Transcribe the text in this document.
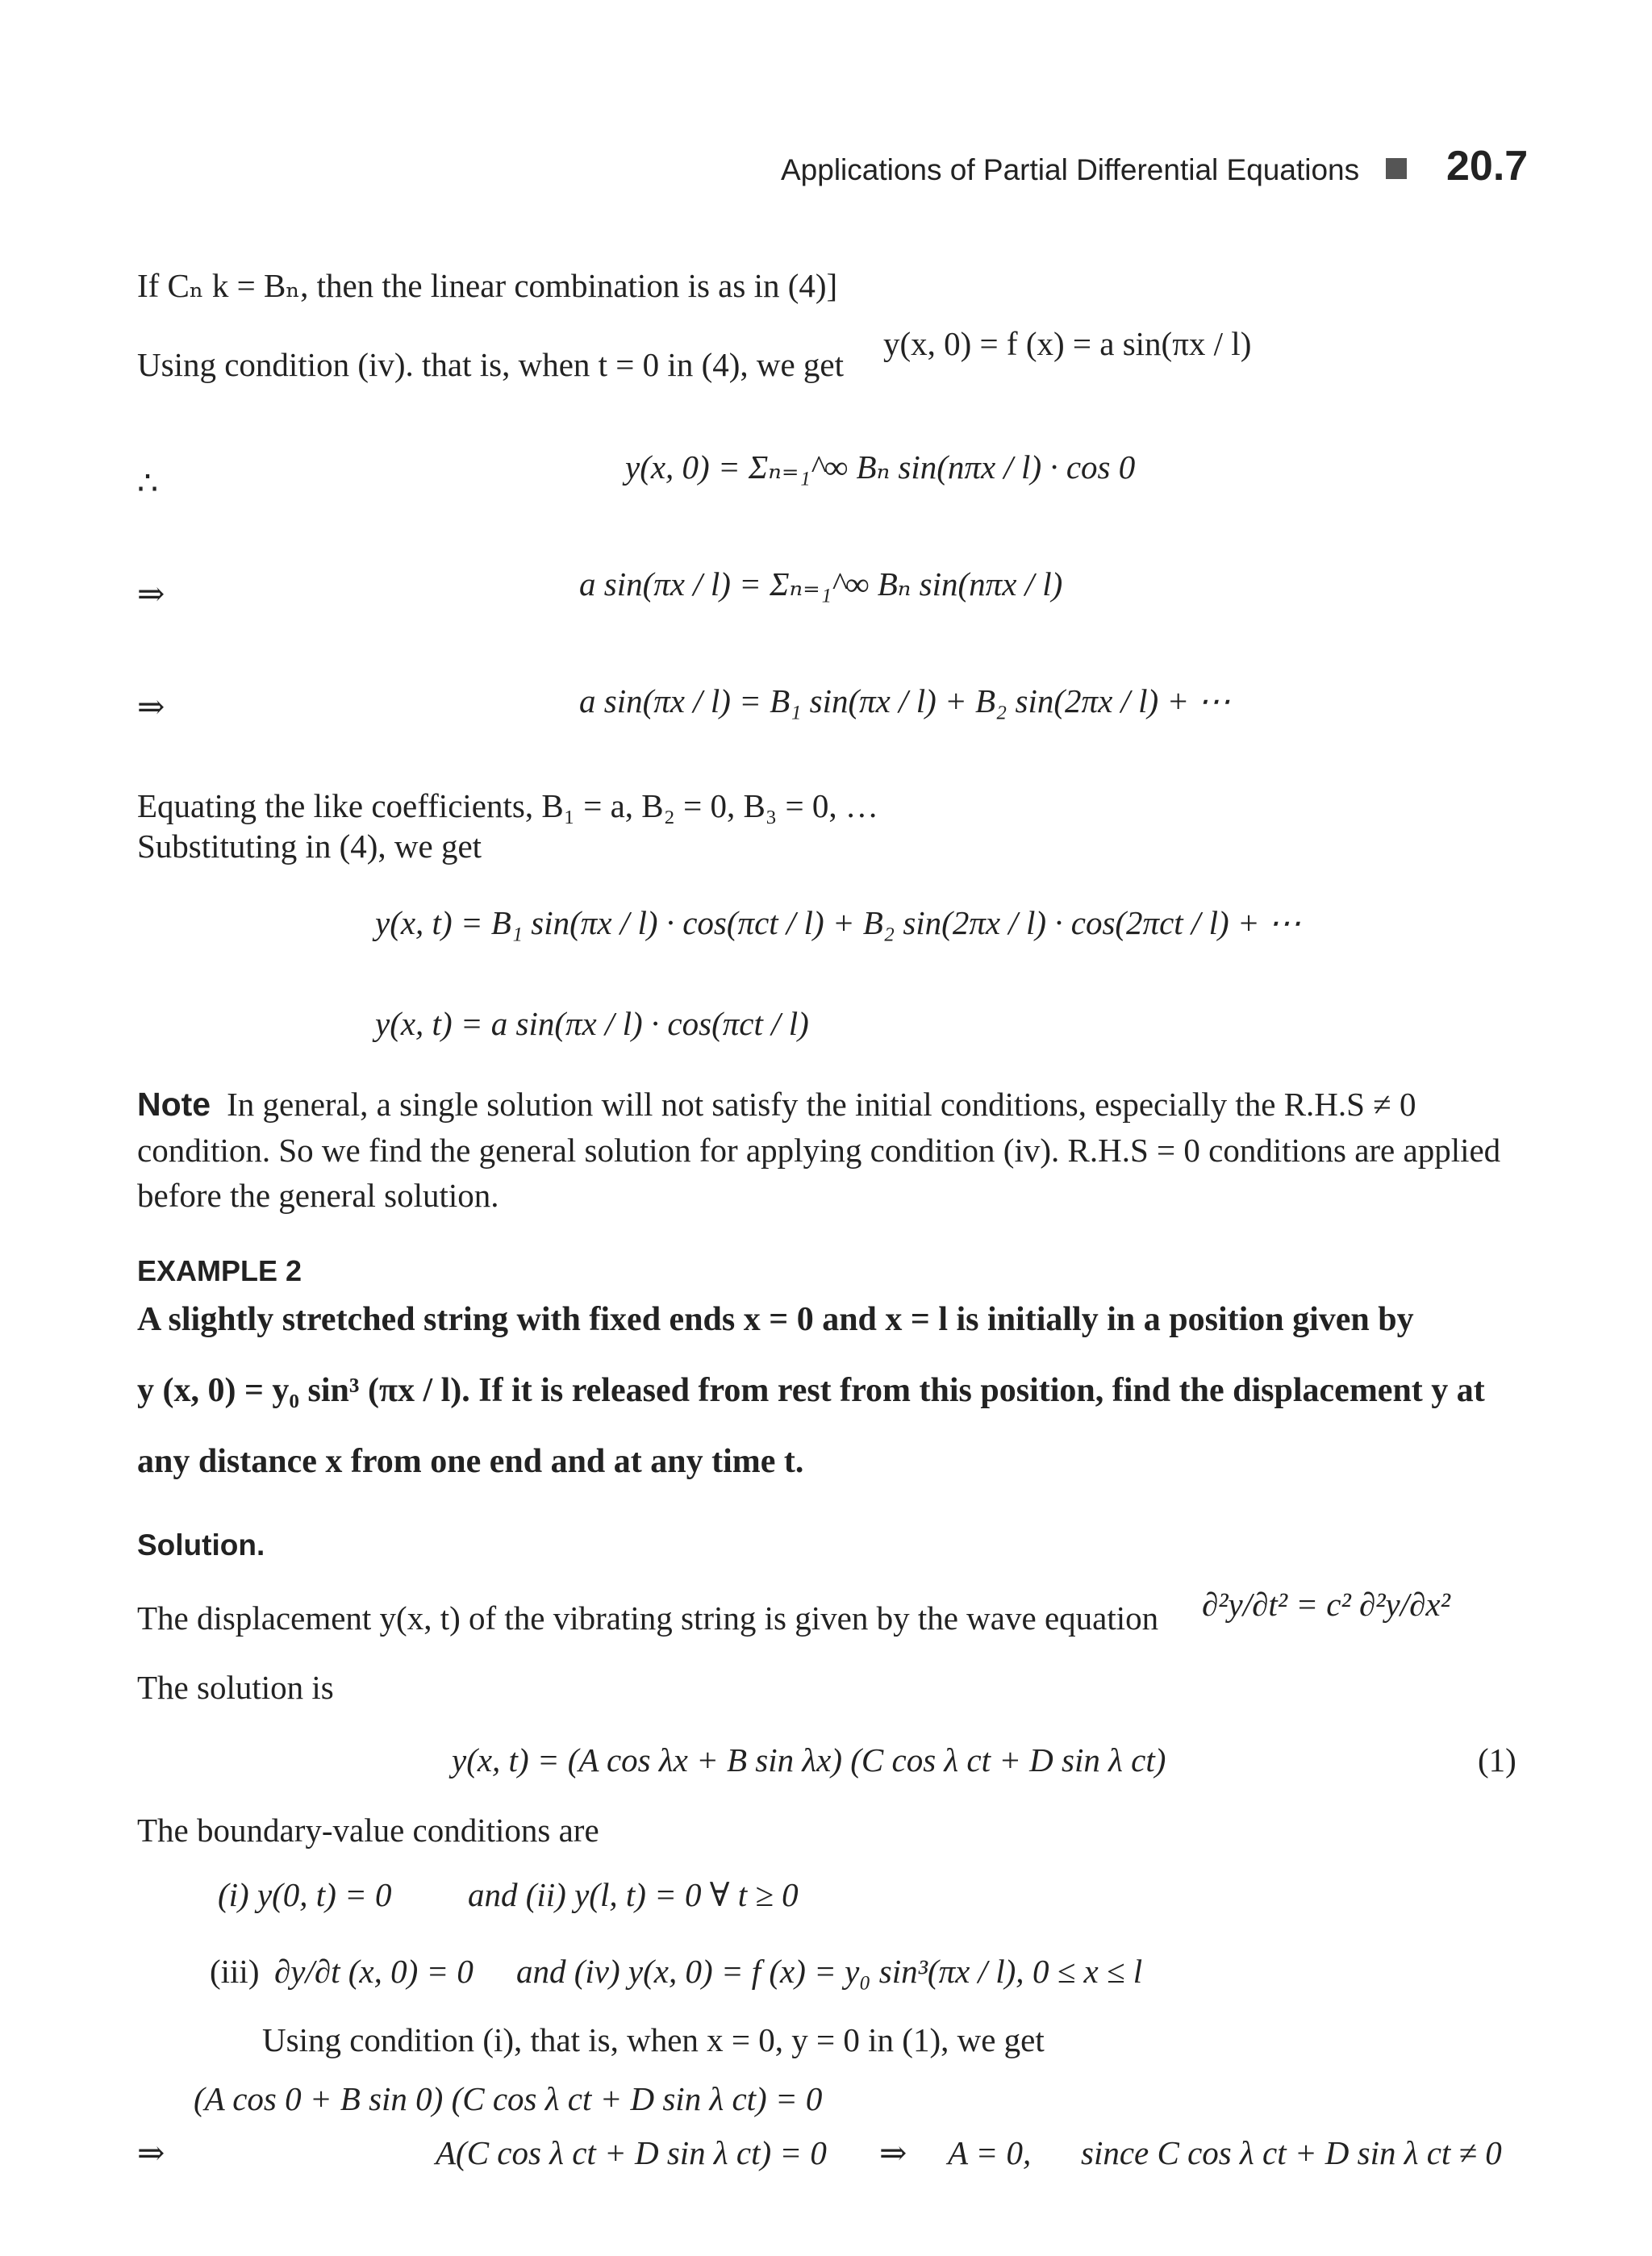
Applications of Partial Differential Equations 20.7
If Cₙ k = Bₙ, then the linear combination is as in (4)]
Using condition (iv). that is, when t = 0 in (4), we get
y(x, 0) = f (x) = a sin(πx / l)
∴	y(x, 0) = Σₙ₌₁^∞ Bₙ sin(nπx / l) · cos 0
⇒	a sin(πx / l) = Σₙ₌₁^∞ Bₙ sin(nπx / l)
⇒	a sin(πx / l) = B₁ sin(πx / l) + B₂ sin(2πx / l) + ⋯
Equating the like coefficients, B₁ = a, B₂ = 0, B₃ = 0, …
Substituting in (4), we get
y(x, t) = B₁ sin(πx / l) · cos(πct / l) + B₂ sin(2πx / l) · cos(2πct / l) + ⋯
y(x, t) = a sin(πx / l) · cos(πct / l)
Note In general, a single solution will not satisfy the initial conditions, especially the R.H.S ≠ 0
condition. So we find the general solution for applying condition (iv). R.H.S = 0 conditions are applied
before the general solution.
EXAMPLE 2
A slightly stretched string with fixed ends x = 0 and x = l is initially in a position given by
y (x, 0) = y₀ sin³ (πx / l). If it is released from rest from this position, find the displacement y at
any distance x from one end and at any time t.
Solution.
The displacement y(x, t) of the vibrating string is given by the wave equation ∂²y/∂t² = c² ∂²y/∂x²
The solution is
y(x, t) = (A cos λx + B sin λx) (C cos λ ct + D sin λ ct)	(1)
The boundary-value conditions are
(i) y(0, t) = 0 and (ii) y(l, t) = 0 ∀ t ≥ 0
(iii) ∂y/∂t (x, 0) = 0 and (iv) y(x, 0) = f (x) = y₀ sin³(πx / l), 0 ≤ x ≤ l
Using condition (i), that is, when x = 0, y = 0 in (1), we get
(A cos 0 + B sin 0) (C cos λ ct + D sin λ ct) = 0
⇒	A(C cos λ ct + D sin λ ct) = 0 ⇒ A = 0, since C cos λ ct + D sin λ ct ≠ 0
